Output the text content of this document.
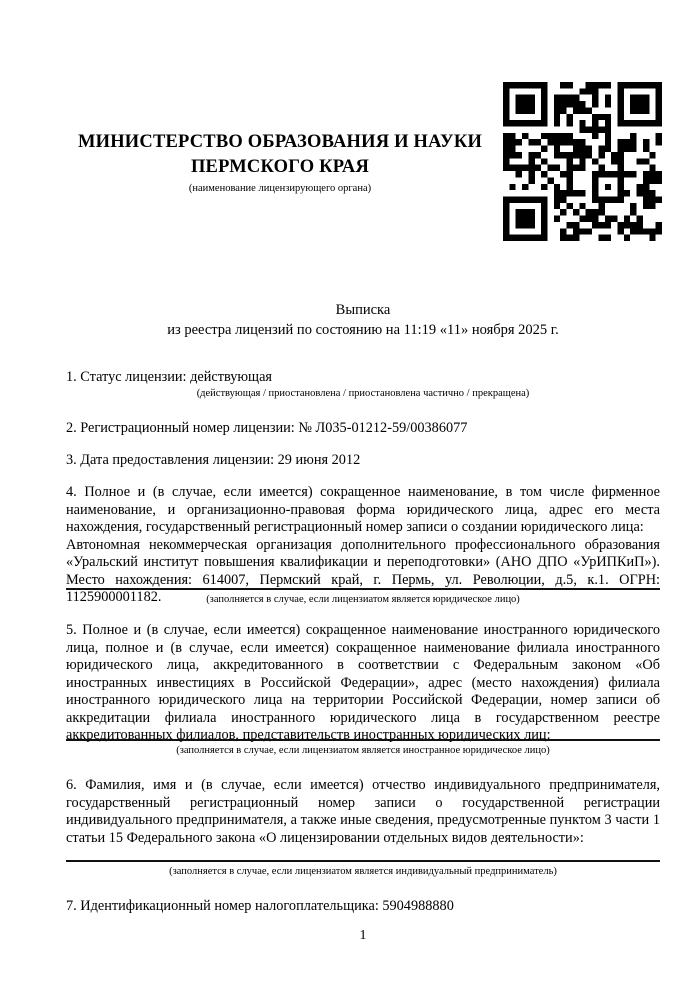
МИНИСТЕРСТВО ОБРАЗОВАНИЯ И НАУКИ
ПЕРМСКОГО КРАЯ
(наименование лицензирующего органа)
Выписка
из реестра лицензий по состоянию на 11:19 «11» ноября 2025 г.
1. Статус лицензии: действующая
(действующая / приостановлена / приостановлена частично / прекращена)
2. Регистрационный номер лицензии: № Л035-01212-59/00386077
3. Дата предоставления лицензии: 29 июня 2012

4. Полное и (в случае, если имеется) сокращенное наименование, в том числе фирменное наименование, и организационно-правовая форма юридического лица, адрес его места нахождения, государственный регистрационный номер записи о создании юридического лица:

Автономная некоммерческая организация дополнительного профессионального образования «Уральский институт повышения квалификации и переподготовки» (АНО ДПО «УрИПКиП»). Место нахождения: 614007, Пермский край, г. Пермь, ул. Революции, д.5, к.1. ОГРН: 1125900001182.	(заполняется в случае, если лицензиатом является юридическое лицо)

5. Полное и (в случае, если имеется) сокращенное наименование иностранного юридического лица, полное и (в случае, если имеется) сокращенное наименование филиала иностранного юридического лица, аккредитованного в соответствии с Федеральным законом «Об иностранных инвестициях в Российской Федерации», адрес (место нахождения) филиала иностранного юридического лица на территории Российской Федерации, номер записи об аккредитации филиала иностранного юридического лица в государственном реестре аккредитованных филиалов, представительств иностранных юридических лиц:

(заполняется в случае, если лицензиатом является иностранное юридическое лицо)

6. Фамилия, имя и (в случае, если имеется) отчество индивидуального предпринимателя, государственный регистрационный номер записи о государственной регистрации индивидуального предпринимателя, а также иные сведения, предусмотренные пунктом 3 части 1 статьи 15 Федерального закона «О лицензировании отдельных видов деятельности»:

(заполняется в случае, если лицензиатом является индивидуальный предприниматель)
7. Идентификационный номер налогоплательщика: 5904988880
1
